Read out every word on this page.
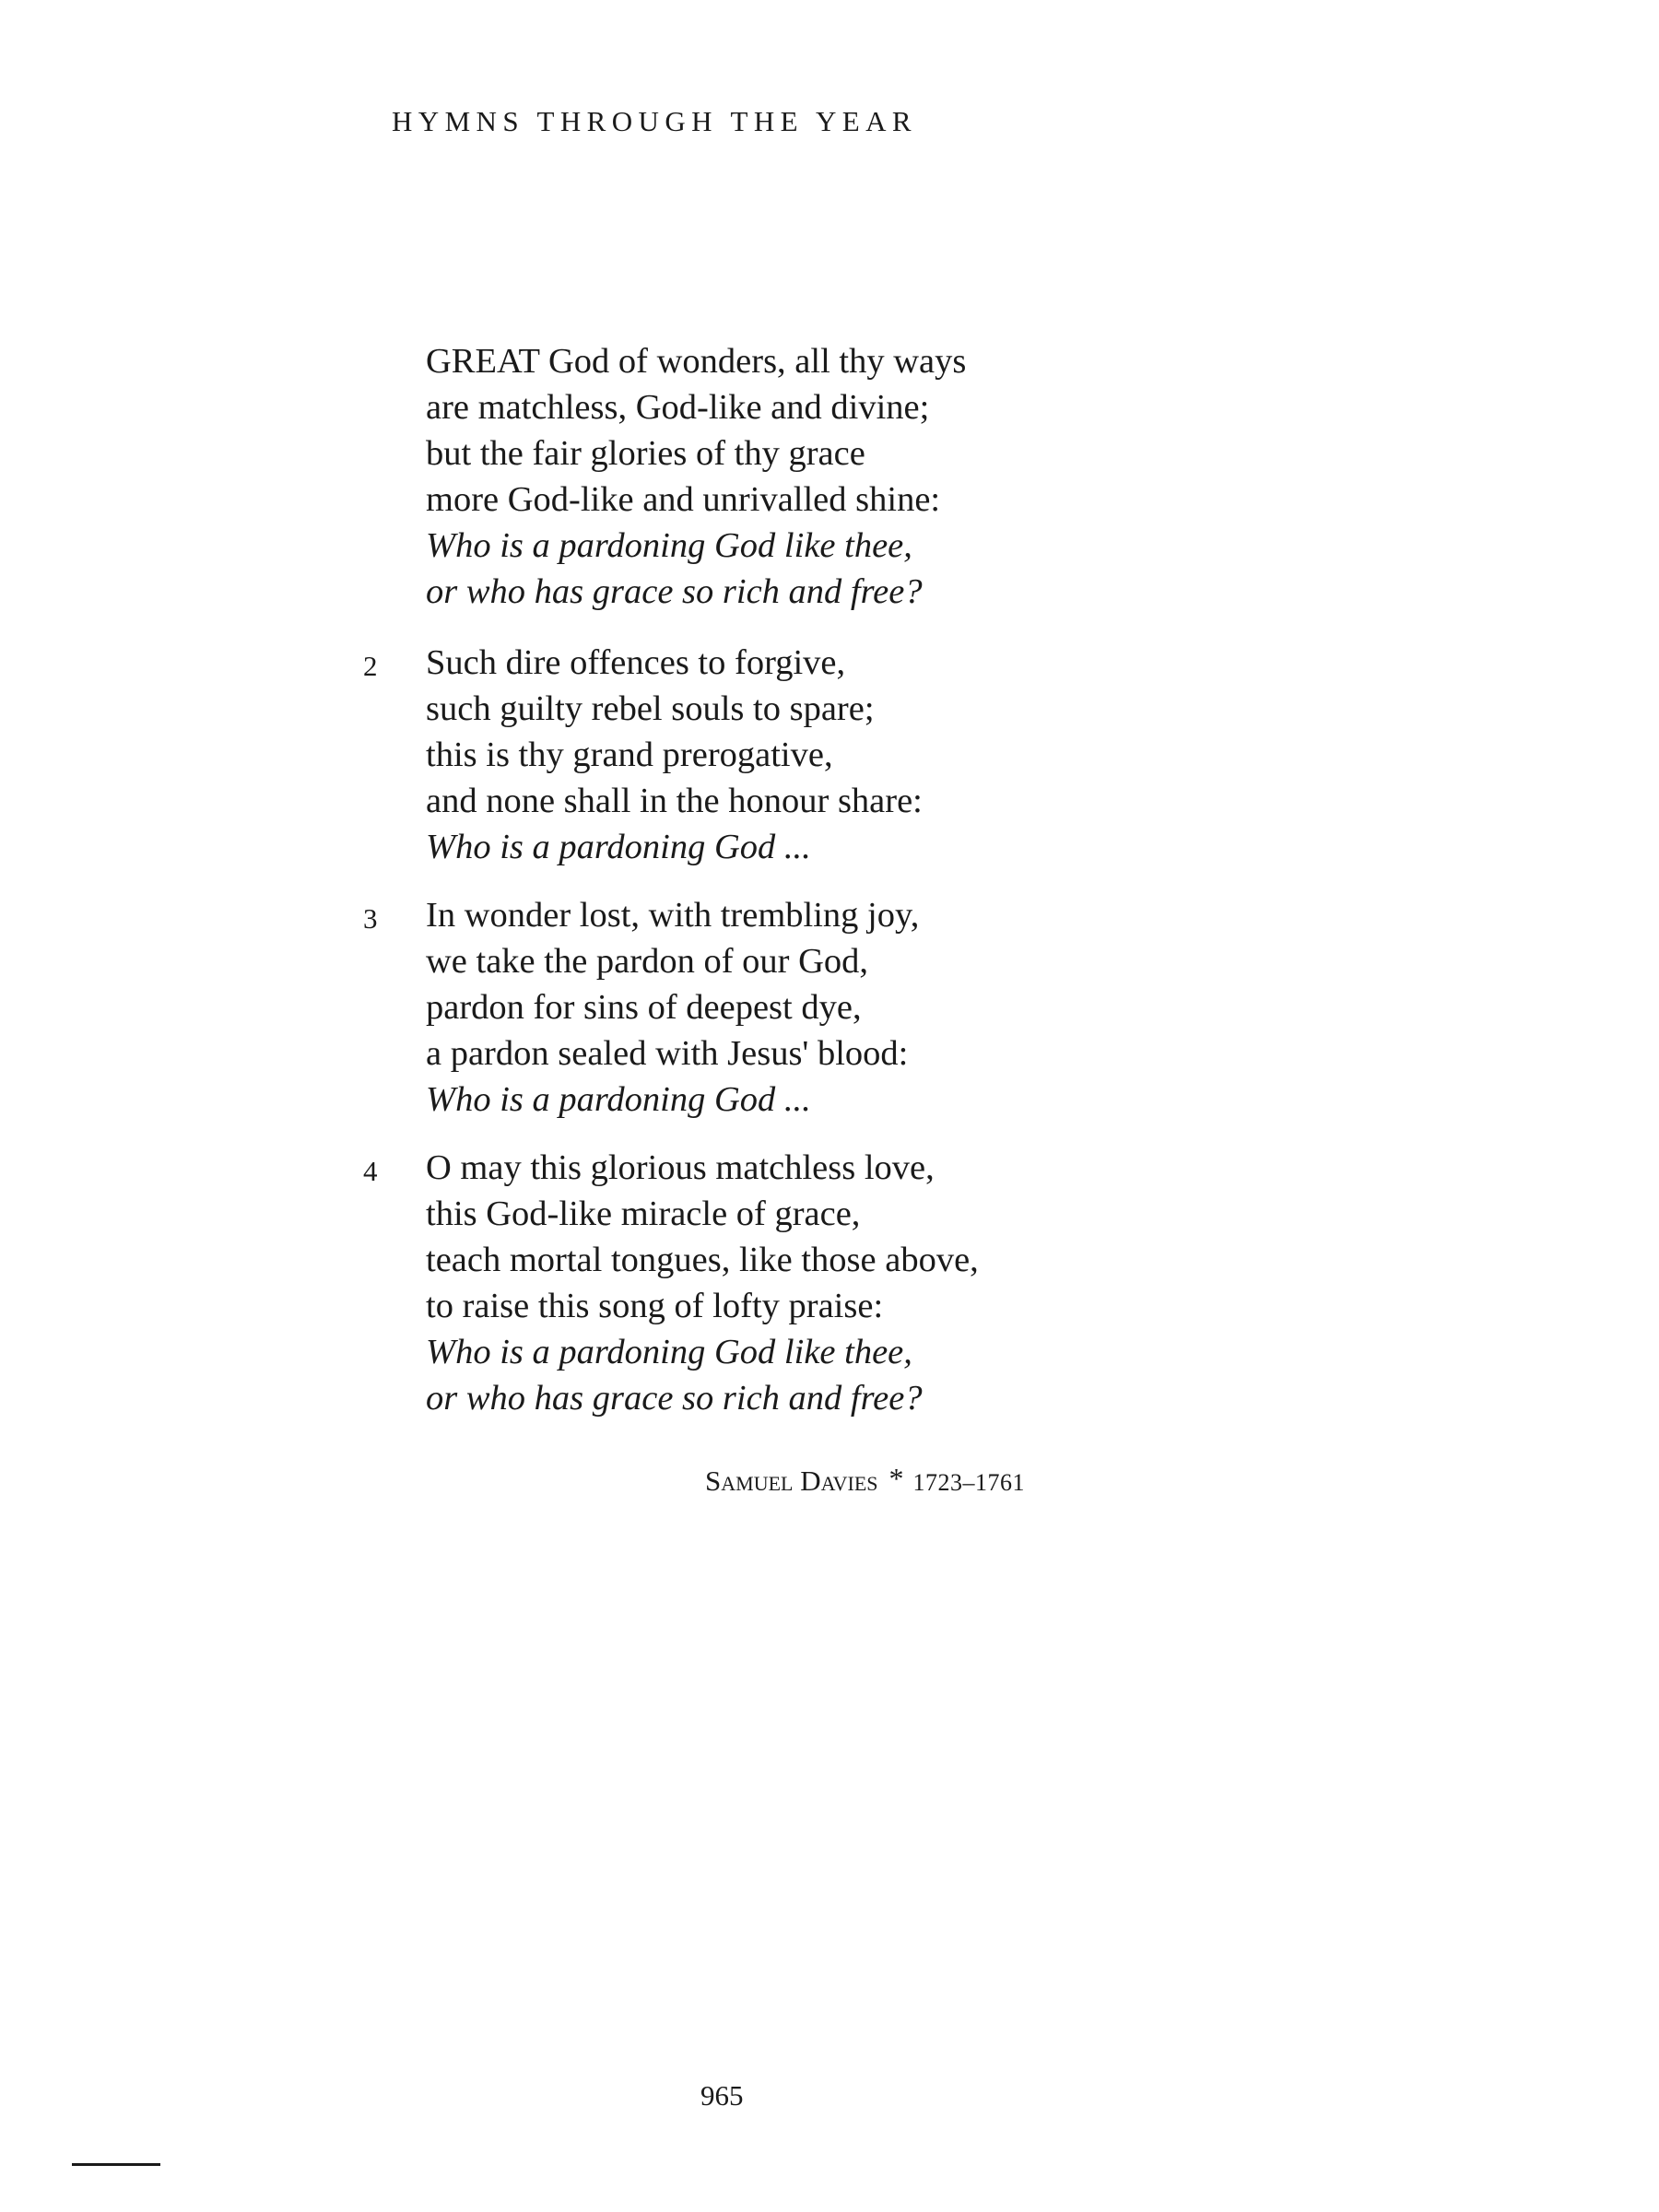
HYMNS THROUGH THE YEAR
GREAT God of wonders, all thy ways
are matchless, God-like and divine;
but the fair glories of thy grace
more God-like and unrivalled shine:
Who is a pardoning God like thee,
or who has grace so rich and free?
2 Such dire offences to forgive,
such guilty rebel souls to spare;
this is thy grand prerogative,
and none shall in the honour share:
Who is a pardoning God ...
3 In wonder lost, with trembling joy,
we take the pardon of our God,
pardon for sins of deepest dye,
a pardon sealed with Jesus' blood:
Who is a pardoning God ...
4 O may this glorious matchless love,
this God-like miracle of grace,
teach mortal tongues, like those above,
to raise this song of lofty praise:
Who is a pardoning God like thee,
or who has grace so rich and free?
Samuel Davies * 1723–1761
965
